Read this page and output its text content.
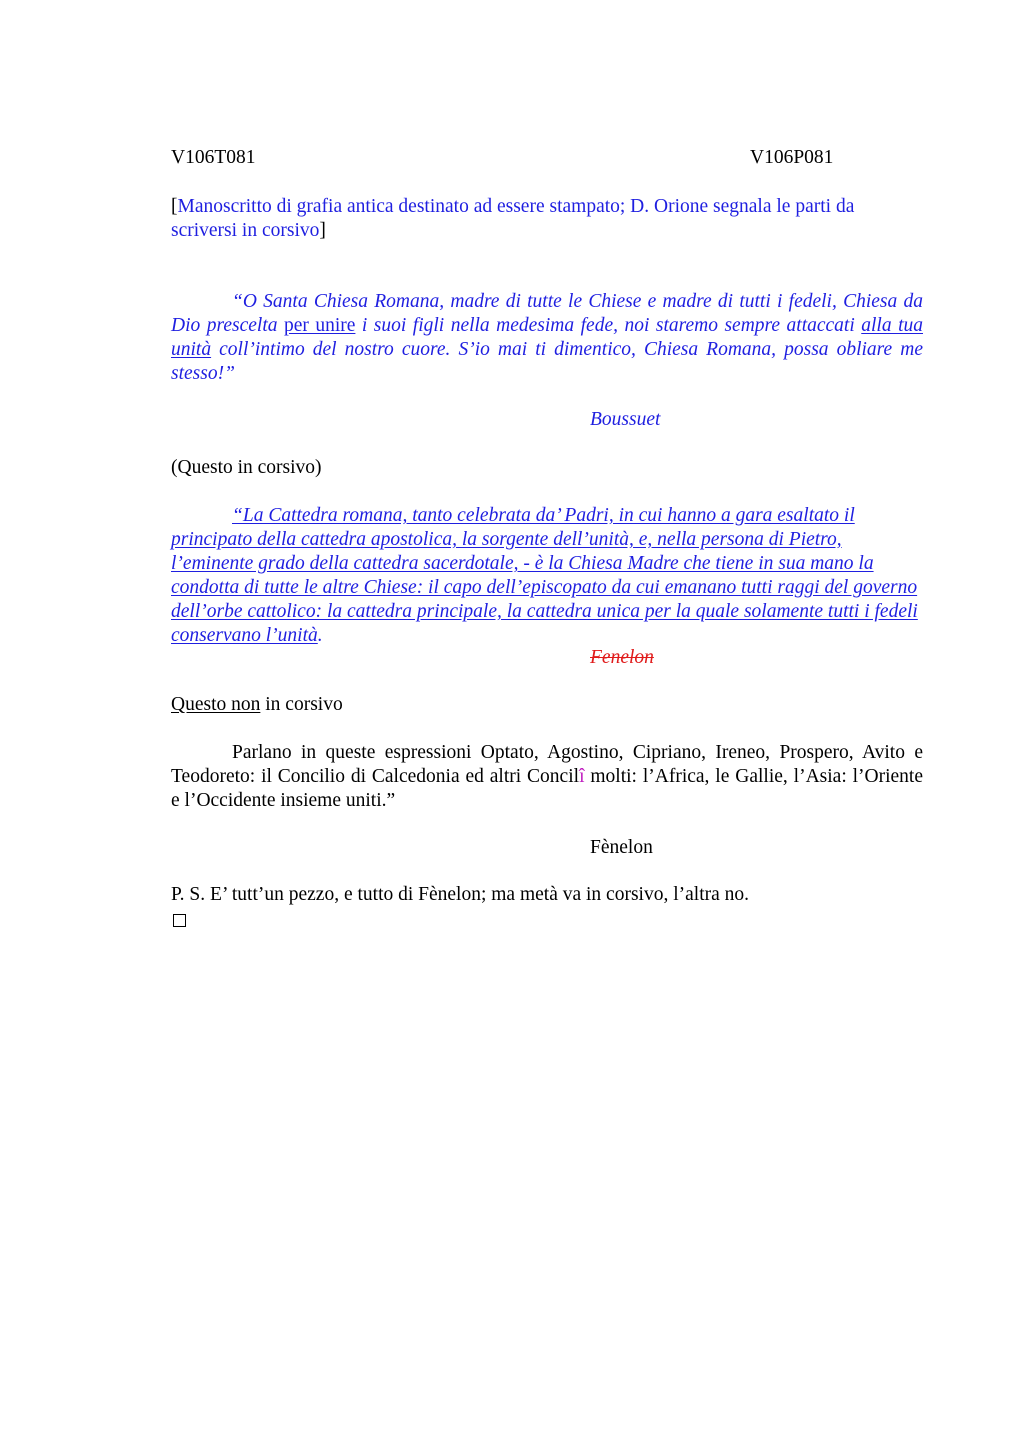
V106T081	V106P081

[Manoscritto di grafia antica destinato ad essere stampato; D. Orione segnala le parti da scriversi in corsivo]

“O Santa Chiesa Romana, madre di tutte le Chiese e madre di tutti i fedeli, Chiesa da Dio prescelta per unire i suoi figli nella medesima fede, noi staremo sempre attaccati alla tua unità coll’intimo del nostro cuore. S’io mai ti dimentico, Chiesa Romana, possa obliare me stesso!”

Boussuet

(Questo in corsivo)

“La Cattedra romana, tanto celebrata da’ Padri, in cui hanno a gara esaltato il principato della cattedra apostolica, la sorgente dell’unità, e, nella persona di Pietro, l’eminente grado della cattedra sacerdotale, - è la Chiesa Madre che tiene in sua mano la condotta di tutte le altre Chiese: il capo dell’episcopato da cui emanano tutti raggi del governo dell’orbe cattolico: la cattedra principale, la cattedra unica per la quale solamente tutti i fedeli conservano l’unità.

Fenelon

Questo non in corsivo

Parlano in queste espressioni Optato, Agostino, Cipriano, Ireneo, Prospero, Avito e Teodoreto: il Concilio di Calcedonia ed altri Concilî molti: l’Africa, le Gallie, l’Asia: l’Oriente e l’Occidente insieme uniti.”

Fènelon

P. S. E’ tutt’un pezzo, e tutto di Fènelon; ma metà va in corsivo, l’altra no.
